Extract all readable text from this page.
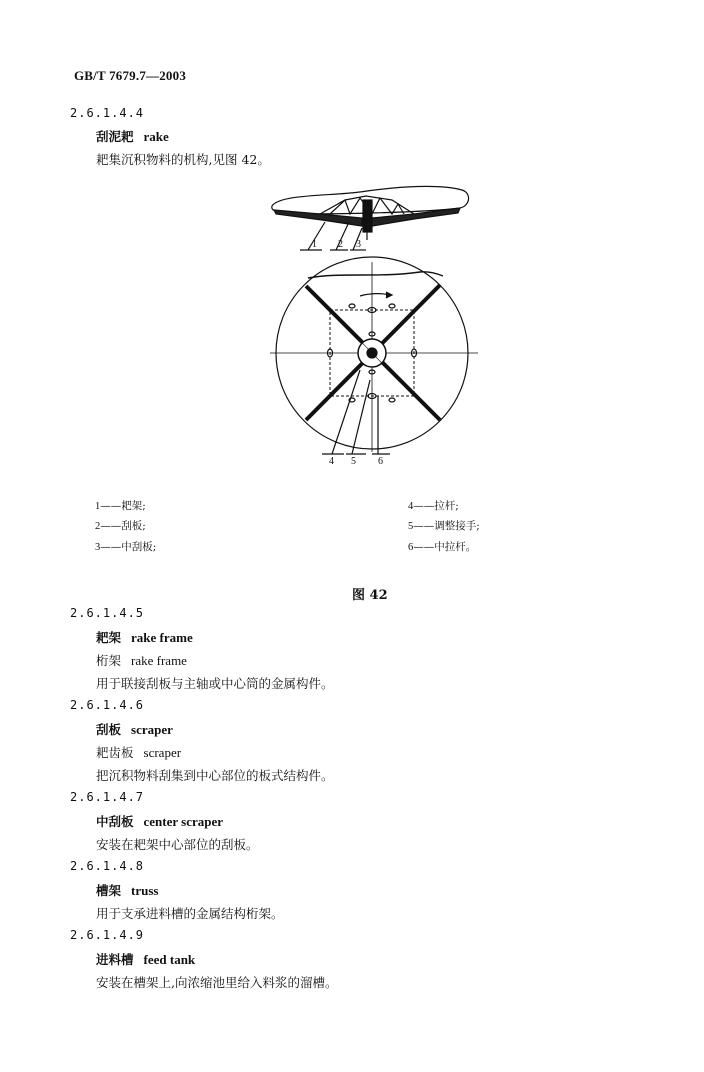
GB/T 7679.7—2003
2.6.1.4.4
刮泥耙 rake
耙集沉积物料的机构,见图 42。
1 2 3
4 5 6
1——耙架;
2——刮板;
3——中刮板;
4——拉杆;
5——调整接手;
6——中拉杆。
图 42
2.6.1.4.5
耙架 rake frame
桁架 rake frame
用于联接刮板与主轴或中心筒的金属构件。
2.6.1.4.6
刮板 scraper
耙齿板 scraper
把沉积物料刮集到中心部位的板式结构件。
2.6.1.4.7
中刮板 center scraper
安装在耙架中心部位的刮板。
2.6.1.4.8
槽架 truss
用于支承进料槽的金属结构桁架。
2.6.1.4.9
进料槽 feed tank
安装在槽架上,向浓缩池里给入料浆的溜槽。
